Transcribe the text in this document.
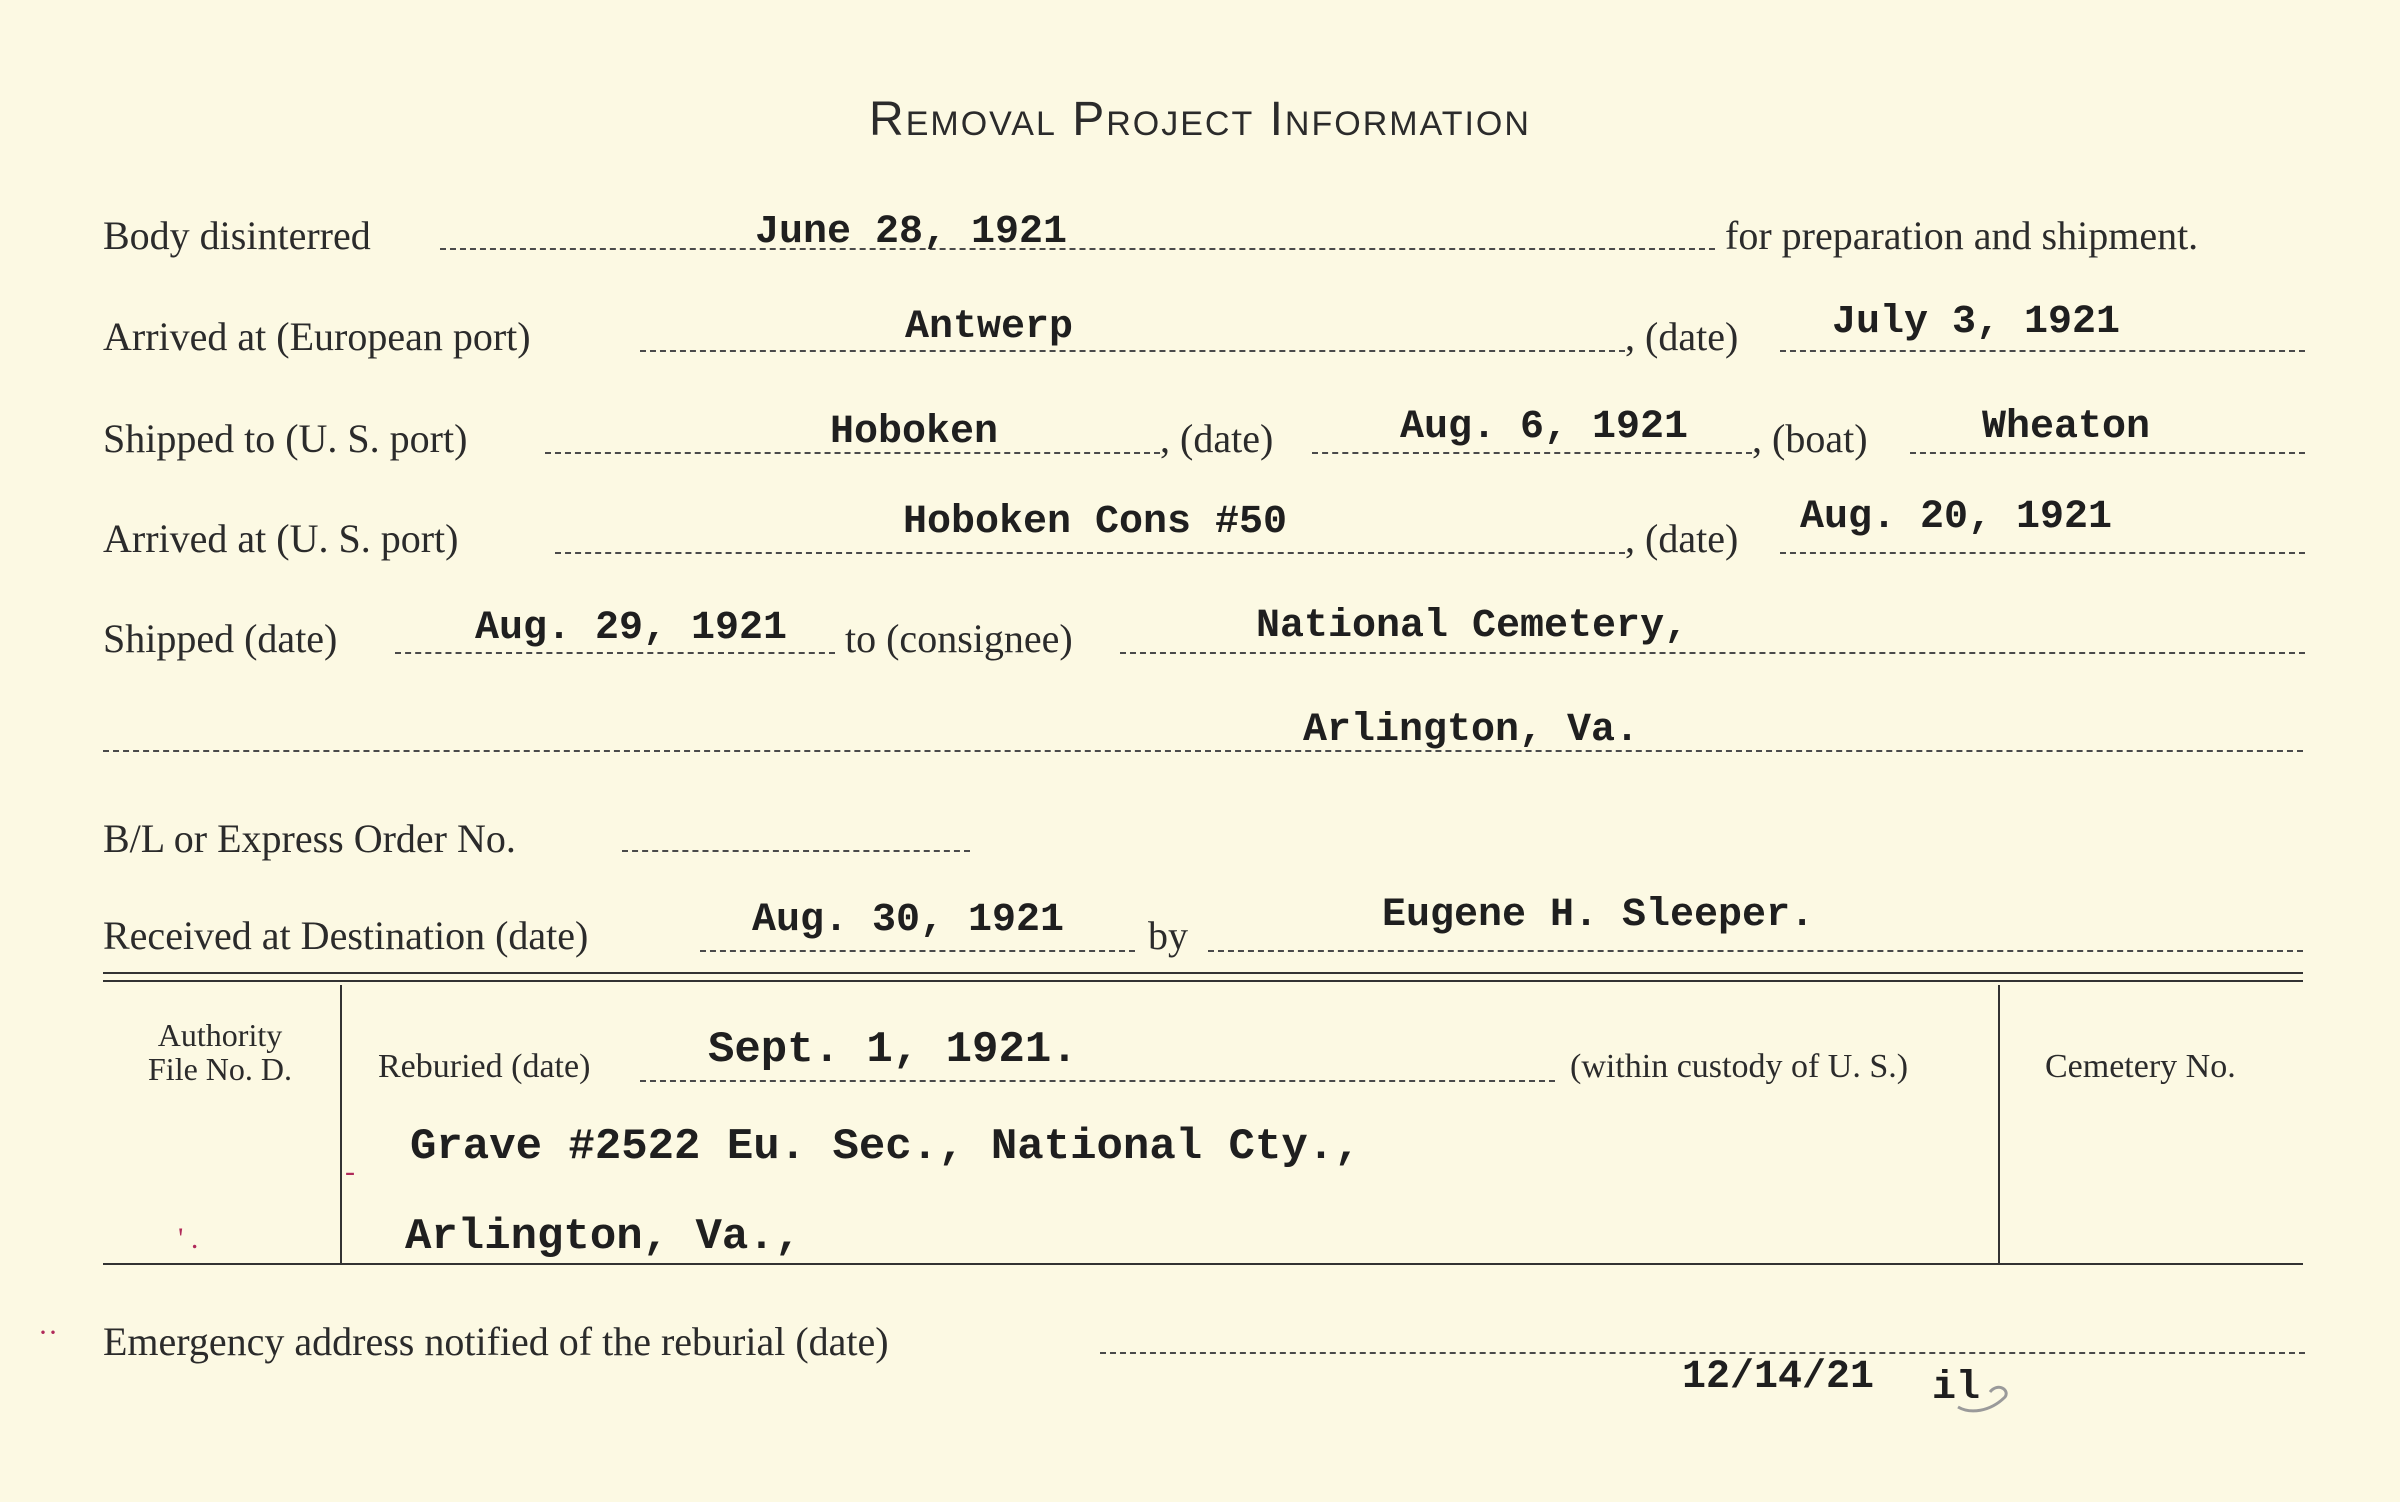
Removal Project Information
Body disinterred	June 28, 1921	for preparation and shipment.
Arrived at (European port)	Antwerp	, (date) July 3, 1921
Shipped to (U. S. port)	Hoboken	, (date)	Aug. 6, 1921 , (boat)	Wheaton
Arrived at (U. S. port)	Hoboken Cons #50	, (date) Aug. 20, 1921
Shipped (date)	Aug. 29, 1921 to (consignee)	National Cemetery,
Arlington, Va.
B/L or Express Order No.
Received at Destination (date)	Aug. 30, 1921 by	Eugene H. Sleeper.
Authority
File No. D.	Reburied (date)	Sept. 1, 1921.	(within custody of U. S.)	Cemetery No.
Grave #2522 Eu. Sec., National Cty.,
Arlington, Va.,
-
' .
·· Emergency address notified of the reburial (date)
12/14/21 il
